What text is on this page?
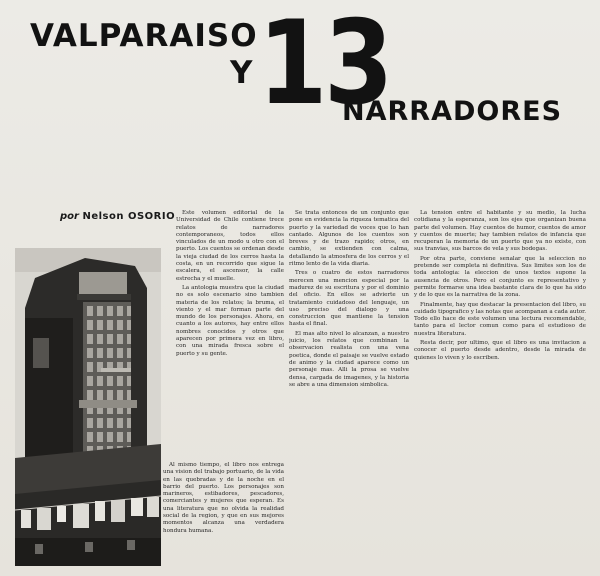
VALPARAISO
Y 13
NARRADORES
por Nelson OSORIO	Este volumen editorial de la Universidad de Chile contiene trece relatos de narradores contemporaneos, todos ellos vinculados de un modo u otro con el puerto. Los cuentos se ordenan desde la vieja ciudad de los cerros hasta la costa, en un recorrido que sigue la escalera, el ascensor, la calle estrecha y el muelle.

La antologia muestra que la ciudad no es solo escenario sino tambien materia de los relatos; la bruma, el viento y el mar forman parte del mundo de los personajes. Ahora, en cuanto a los autores, hay entre ellos nombres conocidos y otros que aparecen por primera vez en libro, con una mirada fresca sobre el puerto y su gente.

Al mismo tiempo, el libro nos entrega una vision del trabajo portuario, de la vida en las quebradas y de la noche en el barrio del puerto. Los personajes son marineros, estibadores, pescadores, comerciantes y mujeres que esperan. Es una literatura que no olvida la realidad social de la region, y que en sus mejores momentos alcanza una verdadera hondura humana.

Se trata entonces de un conjunto que pone en evidencia la riqueza tematica del puerto y la variedad de voces que lo han cantado. Algunos de los cuentos son breves y de trazo rapido; otros, en cambio, se extienden con calma, detallando la atmosfera de los cerros y el ritmo lento de la vida diaria.

Tres o cuatro de estos narradores merecen una mencion especial por la madurez de su escritura y por el dominio del oficio. En ellos se advierte un tratamiento cuidadoso del lenguaje, un uso preciso del dialogo y una construccion que mantiene la tension hasta el final.

El mas alto nivel lo alcanzan, a nuestro juicio, los relatos que combinan la observacion realista con una vena poetica, donde el paisaje se vuelve estado de animo y la ciudad aparece como un personaje mas. Alli la prosa se vuelve densa, cargada de imagenes, y la historia se abre a una dimension simbolica.

La tension entre el habitante y su medio, la lucha cotidiana y la esperanza, son los ejes que organizan buena parte del volumen. Hay cuentos de humor, cuentos de amor y cuentos de muerte; hay tambien relatos de infancia que recuperan la memoria de un puerto que ya no existe, con sus tranvias, sus barcos de vela y sus bodegas.

Por otra parte, conviene senalar que la seleccion no pretende ser completa ni definitiva. Sus limites son los de toda antologia: la eleccion de unos textos supone la ausencia de otros. Pero el conjunto es representativo y permite formarse una idea bastante clara de lo que ha sido y de lo que es la narrativa de la zona.

Finalmente, hay que destacar la presentacion del libro, su cuidado tipografico y las notas que acompanan a cada autor. Todo ello hace de este volumen una lectura recomendable, tanto para el lector comun como para el estudioso de nuestra literatura.

Resta decir, por ultimo, que el libro es una invitacion a conocer el puerto desde adentro, desde la mirada de quienes lo viven y lo escriben.
